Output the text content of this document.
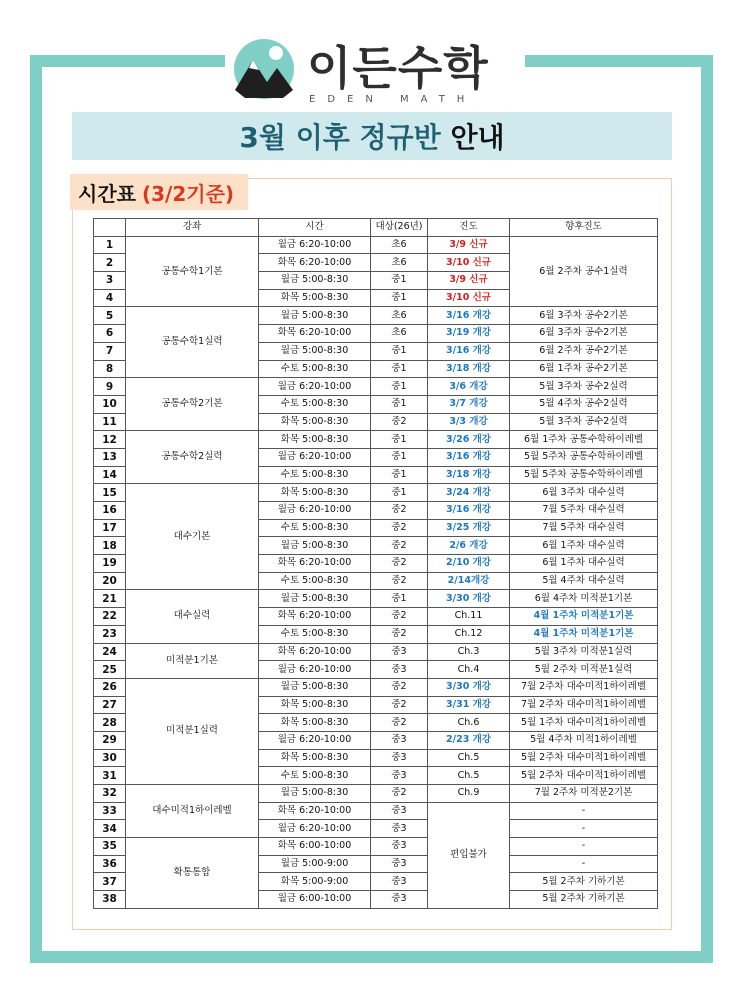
이든수학
EDEN MATH
3월 이후 정규반 안내
시간표 (3/2기준)
	강좌	시간	대상(26년)	진도	향후진도
1	공통수학1기본	월금 6:20-10:00	초6	3/9 신규	6월 2주차 공수1실력
2		화목 6:20-10:00	초6	3/10 신규	
3		월금 5:00-8:30	중1	3/9 신규	
4		화목 5:00-8:30	중1	3/10 신규	
5	공통수학1실력	월금 5:00-8:30	초6	3/16 개강	6월 3주차 공수2기본
6		화목 6:20-10:00	초6	3/19 개강	6월 3주차 공수2기본
7		월금 5:00-8:30	중1	3/16 개강	6월 2주차 공수2기본
8		수토 5:00-8:30	중1	3/18 개강	6월 1주차 공수2기본
9	공통수학2기본	월금 6:20-10:00	중1	3/6 개강	5월 3주차 공수2실력
10		수토 5:00-8:30	중1	3/7 개강	5월 4주차 공수2실력
11		화목 5:00-8:30	중2	3/3 개강	5월 3주차 공수2실력
12	공통수학2실력	화목 5:00-8:30	중1	3/26 개강	6월 1주차 공통수학하이레벨
13		월금 6:20-10:00	중1	3/16 개강	5월 5주차 공통수학하이레벨
14		수토 5:00-8:30	중1	3/18 개강	5월 5주차 공통수학하이레벨
15	대수기본	화목 5:00-8:30	중1	3/24 개강	6월 3주차 대수실력
16		월금 6:20-10:00	중2	3/16 개강	7월 5주차 대수실력
17		수토 5:00-8:30	중2	3/25 개강	7월 5주차 대수실력
18		월금 5:00-8:30	중2	2/6 개강	6월 1주차 대수실력
19		화목 6:20-10:00	중2	2/10 개강	6월 1주차 대수실력
20		수토 5:00-8:30	중2	2/14개강	5월 4주차 대수실력
21	대수실력	월금 5:00-8:30	중1	3/30 개강	6월 4주차 미적분1기본
22		화목 6:20-10:00	중2	Ch.11	4월 1주차 미적분1기본
23		수토 5:00-8:30	중2	Ch.12	4월 1주차 미적분1기본
24	미적분1기본	화목 6:20-10:00	중3	Ch.3	5월 3주차 미적분1실력
25		월금 6:20-10:00	중3	Ch.4	5월 2주차 미적분1실력
26	미적분1실력	월금 5:00-8:30	중2	3/30 개강	7월 2주차 대수미적1하이레벨
27		화목 5:00-8:30	중2	3/31 개강	7월 2주차 대수미적1하이레벨
28		화목 5:00-8:30	중2	Ch.6	5월 1주차 대수미적1하이레벨
29		월금 6:20-10:00	중3	2/23 개강	5월 4주차 미적1하이레벨
30		화목 5:00-8:30	중3	Ch.5	5월 2주차 대수미적1하이레벨
31		수토 5:00-8:30	중3	Ch.5	5월 2주차 대수미적1하이레벨
32	대수미적1하이레벨	월금 5:00-8:30	중2	Ch.9	7월 2주차 미적분2기본
33		화목 6:20-10:00	중3	편입불가	-
34		월금 6:20-10:00	중3		-
35	확통통합	화목 6:00-10:00	중3		-
36		월금 5:00-9:00	중3		-
37		화목 5:00-9:00	중3		5월 2주차 기하기본
38		월금 6:00-10:00	중3		5월 2주차 기하기본
